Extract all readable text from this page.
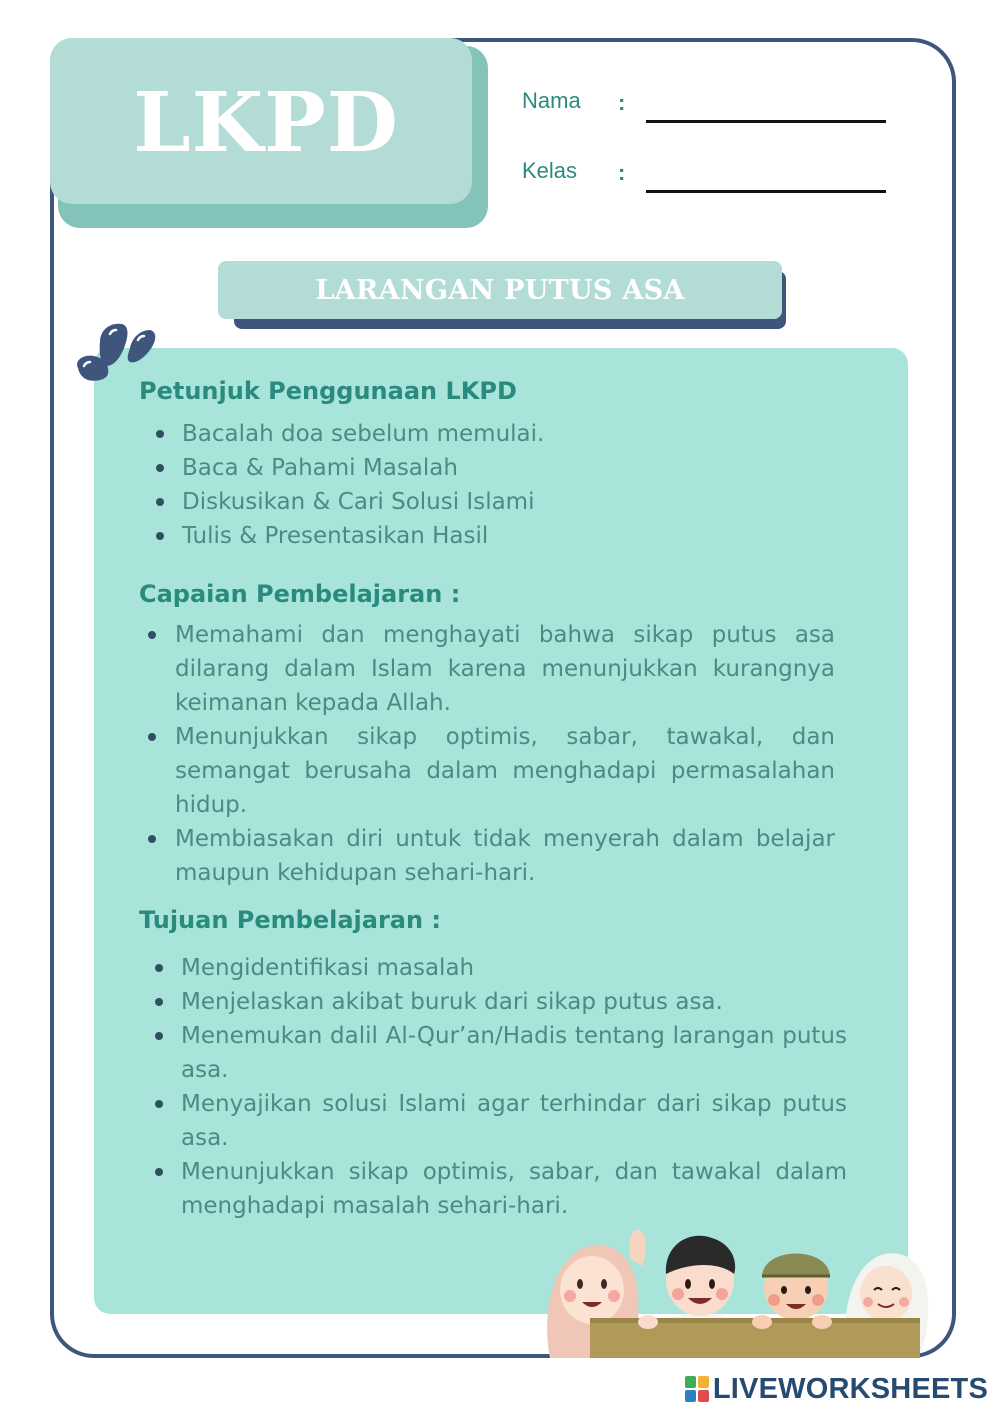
LKPD	Nama :
Kelas :
LARANGAN PUTUS ASA
Petunjuk Penggunaan LKPD
Bacalah doa sebelum memulai.
Baca & Pahami Masalah
Diskusikan & Cari Solusi Islami
Tulis & Presentasikan Hasil
Capaian Pembelajaran :
Memahami dan menghayati bahwa sikap putus asa dilarang dalam Islam karena menunjukkan kurangnya keimanan kepada Allah.
Menunjukkan sikap optimis, sabar, tawakal, dan semangat berusaha dalam menghadapi permasalahan hidup.
Membiasakan diri untuk tidak menyerah dalam belajar maupun kehidupan sehari-hari.
Tujuan Pembelajaran :
Mengidentifikasi masalah
Menjelaskan akibat buruk dari sikap putus asa.
Menemukan dalil Al-Qur’an/Hadis tentang larangan putus asa.
Menyajikan solusi Islami agar terhindar dari sikap putus asa.
Menunjukkan sikap optimis, sabar, dan tawakal dalam menghadapi masalah sehari-hari.
LIVEWORKSHEETS
